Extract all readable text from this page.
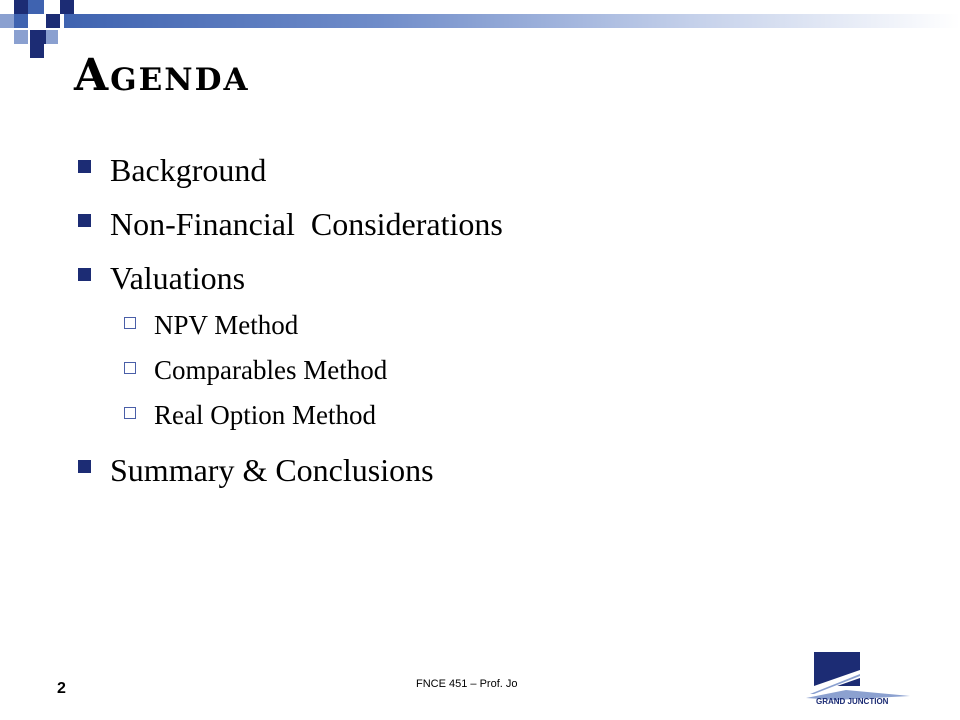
Agenda
Background
Non-Financial  Considerations
Valuations
NPV Method
Comparables Method
Real Option Method
Summary & Conclusions
2	FNCE 451 – Prof. Jo
GRAND JUNCTION
